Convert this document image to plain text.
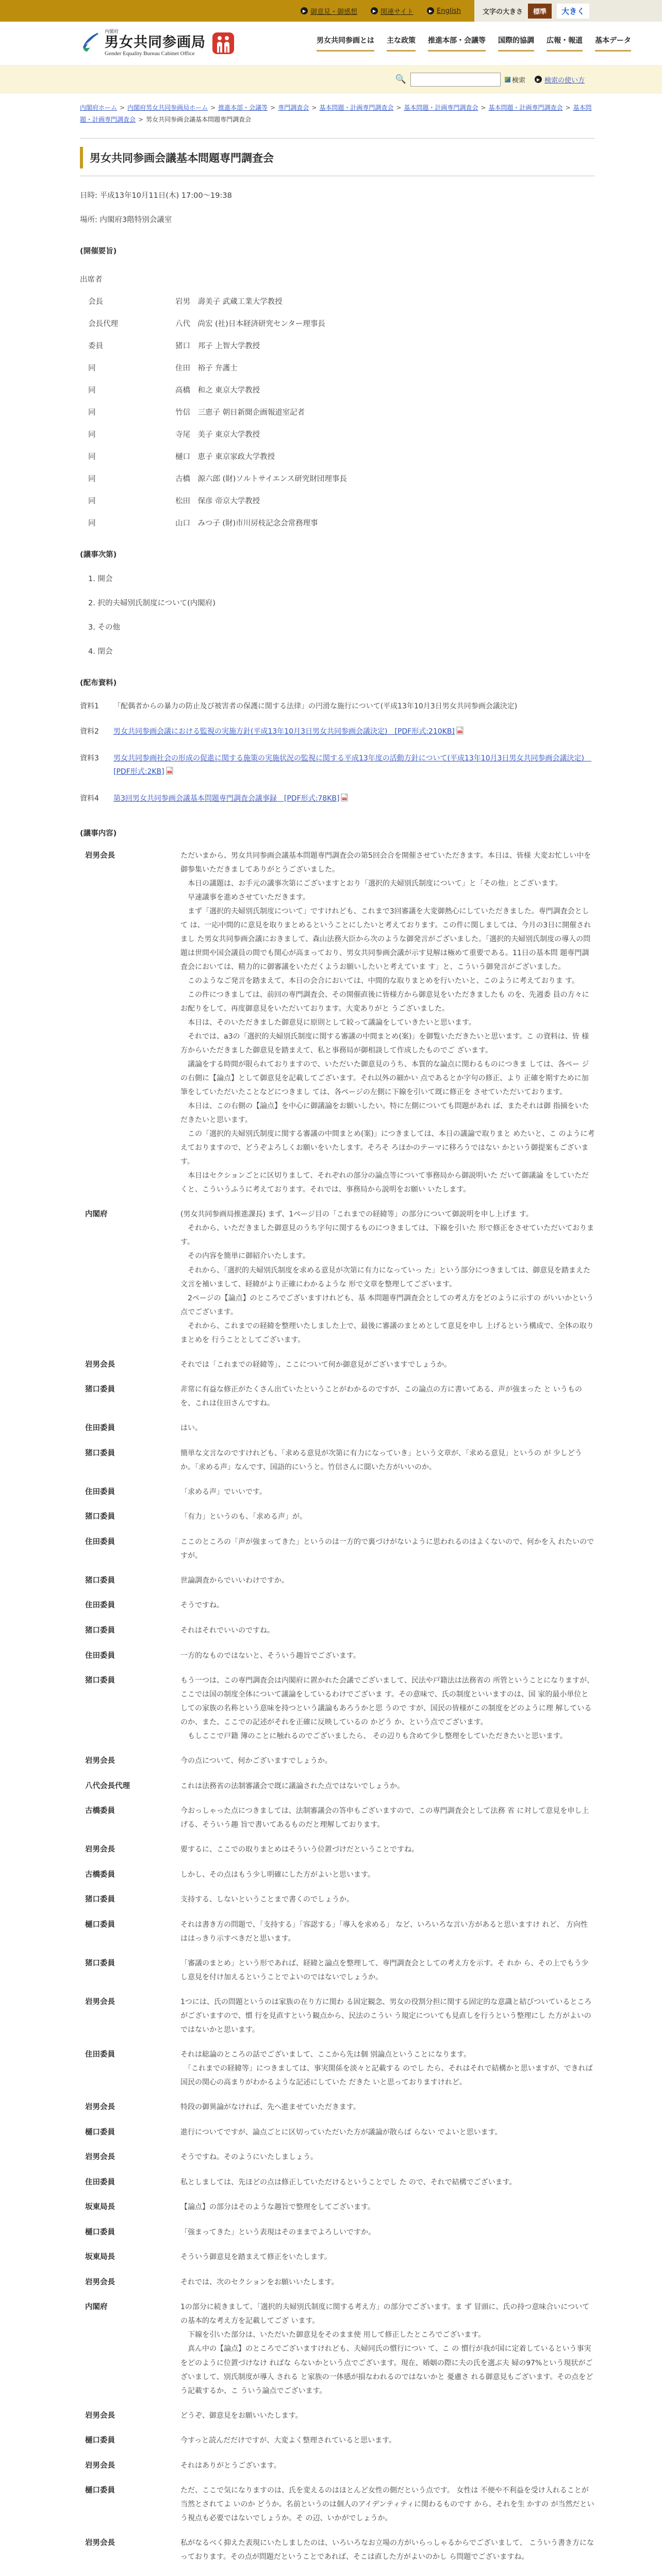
▶ 御意見・御感想	▶ 関連サイト	▶ English	文字の大きさ	標準	大きく
内閣府
男女共同参画局
Gender Equality Bureau Cabinet Office
男女共同参画とは 主な政策 推進本部・会議等 国際的協調 広報・報道 基本データ
🔍	検索	▶ 検索の使い方
内閣府ホーム > 内閣府男女共同参画局ホーム > 推進本部・会議等 > 専門調査会 > 基本問題・計画専門調査会 > 基本問題・計画専門調査会 > 基本問題・計画専門調査会 > 基本問題・計画専門調査会 > 男女共同参画会議基本問題専門調査会
男女共同参画会議基本問題専門調査会

日時: 平成13年10月11日(木) 17:00〜19:38

場所: 内閣府3階特別会議室

(開催要旨)

出席者

会長	岩男　壽美子 武蔵工業大学教授
会長代理	八代　尚宏 (社)日本経済研究センター理事長
委員	猪口　邦子 上智大学教授
同	住田　裕子 弁護士
同	高橋　和之 東京大学教授
同	竹信　三恵子 朝日新聞企画報道室記者
同	寺尾　美子 東京大学教授
同	樋口　恵子 東京家政大学教授
同	古橋　源六郎 (財)ソルトサイエンス研究財団理事長
同	松田　保彦 帝京大学教授
同	山口　みつ子 (財)市川房枝記念会常務理事

(議事次第)

1. 開会
2. 択的夫婦別氏制度について(内閣府)
3. その他
4. 閉会

(配布資料)

資料1	「配偶者からの暴力の防止及び被害者の保護に関する法律」の円滑な施行について(平成13年10月3日男女共同参画会議決定)
資料2	男女共同参画会議における監視の実施方針(平成13年10月3日男女共同参画会議決定)　[PDF形式:210KB] PDF
資料3	男女共同参画社会の形成の促進に関する施策の実施状況の監視に関する平成13年度の活動方針について(平成13年10月3日男女共同参画会議決定)　[PDF形式:2KB] PDF
資料4	第3回男女共同参画会議基本問題専門調査会議事録　[PDF形式:78KB] PDF

(議事内容)

岩男会長	ただいまから、男女共同参画会議基本問題専門調査会の第5回会合を開催させていただきます。本日は、皆様 大変お忙しい中を御参集いただきましてありがとうございました。
　本日の議題は、お手元の議事次第にございますとおり「選択的夫婦別氏制度について」と「その他」とございます。
　早速議事を進めさせていただきます。
　まず「選択的夫婦別氏制度について」ですけれども、これまで3回審議を大変御熱心にしていただきました。専門調査会として は、一応中間的に意見を取りまとめるということにしたいと考えております。この件に関しましては、今月の3日に開催されまし た男女共同参画会議におきまして、森山法務大臣から次のような御発言がございました。「選択的夫婦別氏制度の導入の問 題は世間や国会議員の間でも関心が高まっており、男女共同参画会議が示す見解は極めて重要である。11日の基本問 題専門調査会においては、精力的に御審議をいただくようお願いしたいと考えていま す」と、こういう御発言がございました。
　このようなご発言を踏まえて、本日の会合においては、中間的な取りまとめを行いたいと、このように考えておりま す。
　この件につきましては、前回の専門調査会、その開催直後に皆様方から御意見をいただきましたも のを、先週委 員の方々にお配りをして、再度御意見をいただいております。大変ありがと うございました。
　本日は、そのいただきました御意見に原則として絞って議論をしていきたいと思います。
　それでは、a3の「選択的夫婦別氏制度に関する審議の中間まとめ(案)」を御覧いただきたいと思います。こ の資料は、皆 様方からいただきました御意見を踏まえて、私と事務局が御相談して作成したものでご ざいます。
　議論をする時間が限られておりますので、いただいた御意見のうち、本質的な論点に関わるものにつきま しては、各ペー ジの右側に【論点】として御意見を記載してございます。それ以外の細かい 点であるとか字句の修正、より 正確を期すために加筆をしていただいたことなどにつきまし ては、各ページの左側に下線を引いて既に修正を させていただいております。
　本日は、この右側の【論点】を中心に御議論をお願いしたい。特に左側についても問題があれ ば、またそれは御 指摘をいただきたいと思います。
　この「選択的夫婦別氏制度に関する審議の中間まとめ(案)」につきましては、本日の議論で取りまと めたいと、こ のように考えておりますので、どうぞよろしくお願いをいたします。そろそ ろほかのテーマに移ろうではない かという御提案もございます。
　本日はセクションごとに区切りまして、それぞれの部分の論点等について事務局から御説明いた だいて御議論 をしていただくと、こういうふうに考えております。それでは、事務局から説明をお願い いたします。
内閣府	(男女共同参画局推進課長) まず、1ページ目の「これまでの経緯等」の部分について御説明を申し上げま す。
　それから、いただきました御意見のうち字句に関するものにつきましては、下線を引いた 形で修正をさせていただいております。
　その内容を簡単に御紹介いたします。
　それから、「選択的夫婦別氏制度を求める意見が次第に有力になっていっ た」という部分につきましては、御意見を踏まえた 文言を補いまして、経緯がより正確にわかるような 形で文章を整理してございます。
　2ページの【論点】のところでございますけれども、基 本問題専門調査会としての考え方をどのように示すの がいいかという点でございます。
　それから、これまでの経緯を整理いたしました上で、最後に審議のまとめとして意見を申し 上げるという構成で、全体の取りまとめを 行うこととしてございます。
岩男会長	それでは「これまでの経緯等」、ここについて何か御意見がございますでしょうか。
猪口委員	非常に有益な修正がたくさん出ていたということがわかるのですが、この論点の方に書いてある、声が強まった と いうものを、これは住田さんですね。
住田委員	はい。
猪口委員	簡単な文言なのですけれども、「求める意見が次第に有力になっていき」という文章が、「求める意見」というの が 少しどうか。「求める声」なんです、国語的にいうと。竹信さんに聞いた方がいいのか。
住田委員	「求める声」でいいです。
猪口委員	「有力」というのも、「求める声」が。
住田委員	ここのところの「声が強まってきた」というのは一方的で裏づけがないように思われるのはよくないので、何かを入 れたいのですが。
猪口委員	世論調査からでいいわけですか。
住田委員	そうですね。
猪口委員	それはそれでいいのですね。
住田委員	一方的なものではないと、そういう趣旨でございます。
猪口委員	もう一つは、この専門調査会は内閣府に置かれた会議でございまして、民法や戸籍法は法務省の 所管ということになりますが、ここでは国の制度全体について議論をしているわけでございま す。その意味で、氏の制度といいますのは、国 家的最小単位としての家族の名称という意味を持つという議論もあろうかと思 うので すが、国民の皆様がこの制度をどのように理 解しているのか、また、ここでの記述がそれを正確に反映しているの かどう か、という点でございます。
　もしここで戸籍 簿のことに触れるのでございましたら、 その辺りも含めて少し整理をしていただきたいと思います。
岩男会長	今の点について、何かございますでしょうか。
八代会長代理	これは法務省の法制審議会で既に議論された点ではないでしょうか。
古橋委員	今おっしゃった点につきましては、法制審議会の答申もございますので、この専門調査会として法務 省 に対して意見を申し上げる、そういう趣 旨で書いてあるものだと理解しております。
岩男会長	要するに、ここでの取りまとめはそういう位置づけだということですね。
古橋委員	しかし、その点はもう少し明確にした方がよいと思います。
猪口委員	支持する、しないということまで書くのでしょうか。
樋口委員	それは書き方の問題で、「支持する」「容認する」「導入を求める」 など、いろいろな言い方があると思いますけ れど、 方向性ははっきり示すべきだと思います。
猪口委員	「審議のまとめ」という形であれば、経緯と論点を整理して、専門調査会としての考え方を示す。そ れか ら、その上でもう少 し意見を付け加えるということでよいのではないでしょうか。
岩男会長	1つには、氏の問題というのは家族の在り方に関わ る固定観念、男女の役割分担に関する固定的な意識と結びついているところがございますので、慣 行を見直すという観点から、民法のこうい う規定についても見直しを行うという整理にし た方がよいのではないかと思います。
住田委員	それは総論のところの話でございまして、ここから先は個 別論点ということになります。
　「これまでの経緯等」につきましては、事実関係を淡々と記載する のでし たら、それはそれで結構かと思いますが、できれば国民の関心の高まりがわかるような記述にしていた だきた いと思っておりますけれど。
岩男会長	特段の御異論がなければ、先へ進ませていただきます。
樋口委員	進行についてですが、論点ごとに区切っていただいた方が議論が散らば らない でよいと思います。
岩男会長	そうですね。そのようにいたしましょう。
住田委員	私としましては、先ほどの点は修正していただけるということでし た ので、それで結構でございます。
坂東局長	【論点】の部分はそのような趣旨で整理をしてございます。
樋口委員	「強まってきた」という表現はそのままでよろしいですか。
坂東局長	そういう御意見を踏まえて修正をいたします。
岩男会長	それでは、次のセクションをお願いいたします。
内閣府	1の部分に続きまして、「選択的夫婦別氏制度に関する考え方」の部分でございます。ま ず 冒頭に、氏の持つ意味合いについての基本的な考え方を記載してござ います。
　下線を引いた部分は、いただいた御意見をそのまま使 用して修正したところでございます。
　真ん中の【論点】のところでございますけれども、夫婦同氏の慣行につい て、こ の 慣行が我が国に定着しているという事実をどのように位置づけなけ ればな らないかという点でございます。現在、婚姻の際に夫の氏を選ぶ夫 婦の97%という現状がございまして、別氏制度が導入 される と家族の一体感が損なわれるのではないかと 憂慮さ れる御意見もございます。その点をどう記載するか、こ ういう論点でございます。
岩男会長	どうぞ、御意見をお願いいたします。
樋口委員	今すっと読んだだけですが、大変よく整理されていると思います。
岩男会長	それはありがとうございます。
樋口委員	ただ、ここで気になりますのは、氏を変えるのはほとんど女性の側だという点です。 女性は 不便や不利益を受け入れることが当然とされてよ いのか どうか。名前というのは個人のアイデンティティに関わるものです から、それを生 かすの が当然だという視点も必要ではないでしょうか。そ の辺、いかがでしょうか。
岩男会長	私がなるべく抑えた表現にいたしましたのは、いろいろなお立場の方がいらっしゃるからでございまして、 こういう書き方になっております。その点が問題だということであれば、そこは直した方がよいのかし ら問題でございますね。
